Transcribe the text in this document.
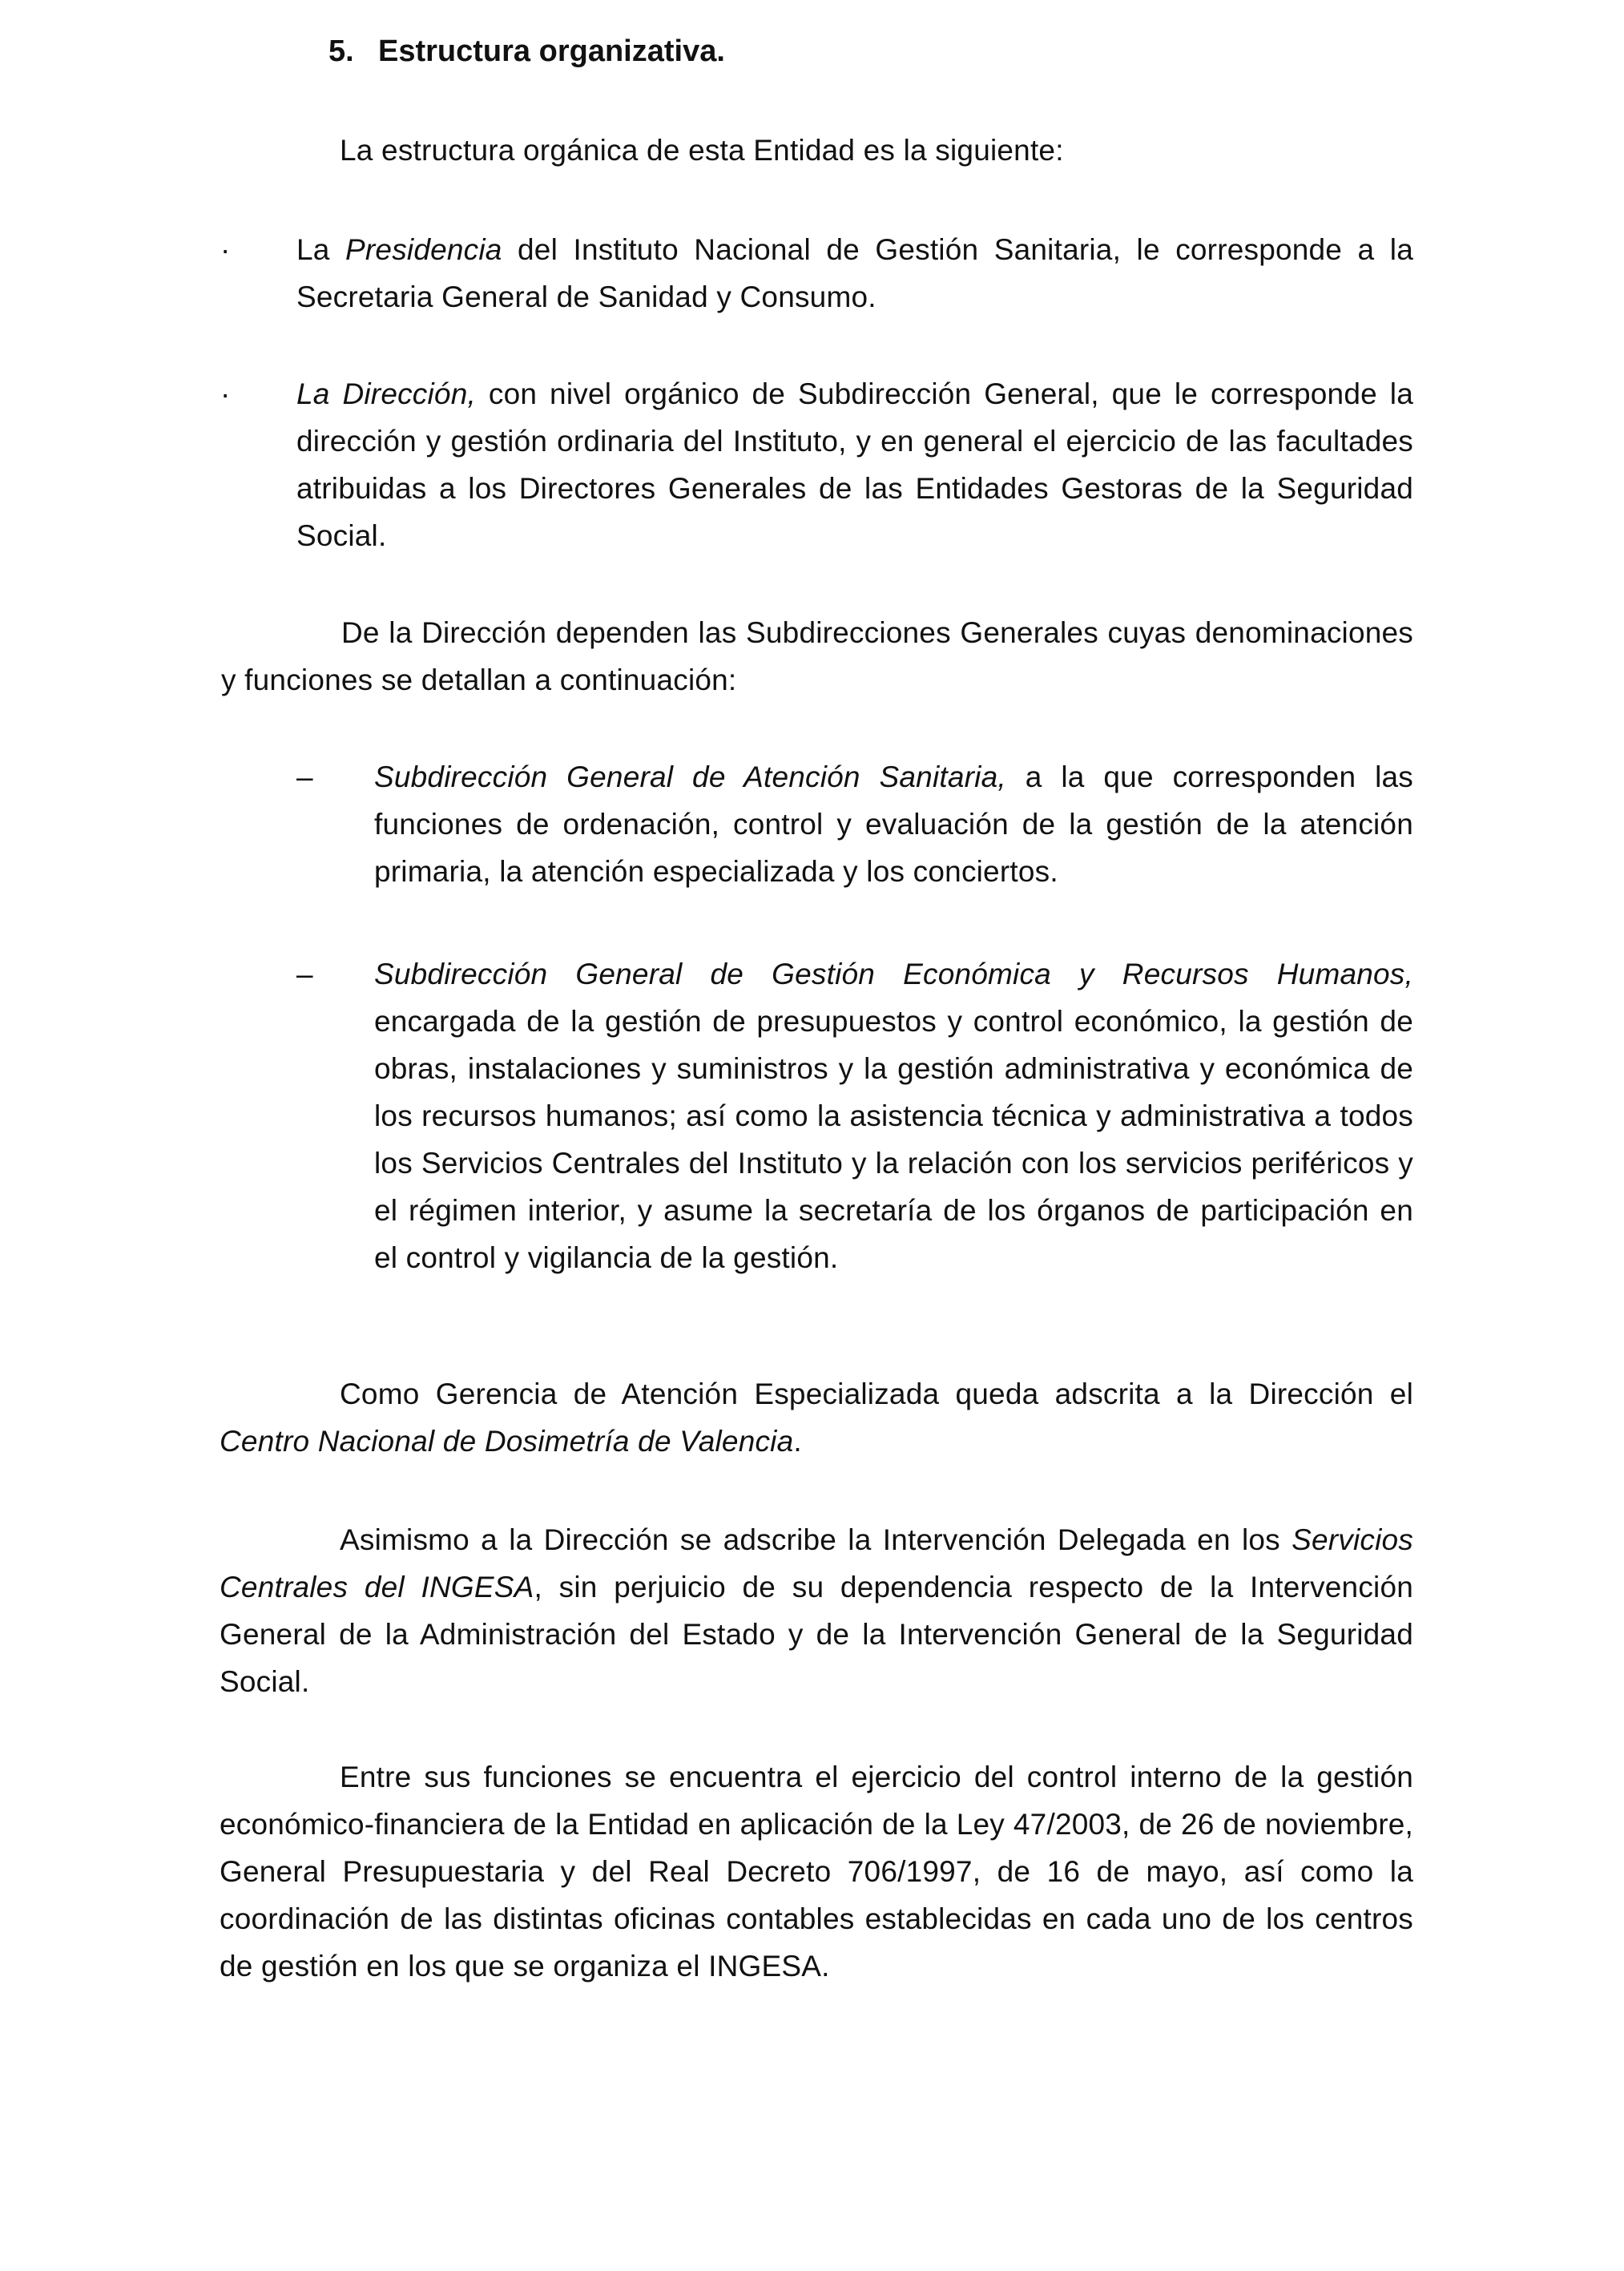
5. Estructura organizativa.

La estructura orgánica de esta Entidad es la siguiente:

· La Presidencia del Instituto Nacional de Gestión Sanitaria, le corresponde a la Secretaria General de Sanidad y Consumo.

· La Dirección, con nivel orgánico de Subdirección General, que le corresponde la dirección y gestión ordinaria del Instituto, y en general el ejercicio de las facultades atribuidas a los Directores Generales de las Entidades Gestoras de la Seguridad Social.

De la Dirección dependen las Subdirecciones Generales cuyas denominaciones y funciones se detallan a continuación:

– Subdirección General de Atención Sanitaria, a la que corresponden las funciones de ordenación, control y evaluación de la gestión de la atención primaria, la atención especializada y los conciertos.

– Subdirección General de Gestión Económica y Recursos Humanos, encargada de la gestión de presupuestos y control económico, la gestión de obras, instalaciones y suministros y la gestión administrativa y económica de los recursos humanos; así como la asistencia técnica y administrativa a todos los Servicios Centrales del Instituto y la relación con los servicios periféricos y el régimen interior, y asume la secretaría de los órganos de participación en el control y vigilancia de la gestión.

Como Gerencia de Atención Especializada queda adscrita a la Dirección el Centro Nacional de Dosimetría de Valencia.

Asimismo a la Dirección se adscribe la Intervención Delegada en los Servicios Centrales del INGESA, sin perjuicio de su dependencia respecto de la Intervención General de la Administración del Estado y de la Intervención General de la Seguridad Social.

Entre sus funciones se encuentra el ejercicio del control interno de la gestión económico-financiera de la Entidad en aplicación de la Ley 47/2003, de 26 de noviembre, General Presupuestaria y del Real Decreto 706/1997, de 16 de mayo, así como la coordinación de las distintas oficinas contables establecidas en cada uno de los centros de gestión en los que se organiza el INGESA.
